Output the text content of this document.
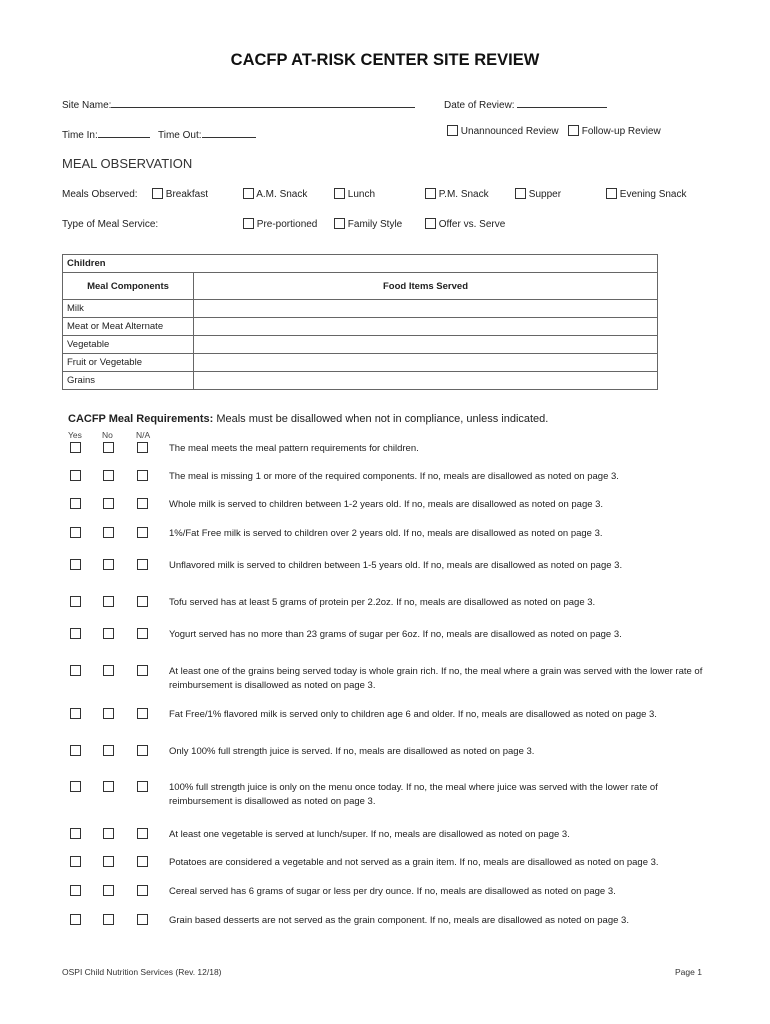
CACFP AT-RISK CENTER SITE REVIEW
Site Name:	Date of Review:
Time In:	Time Out:	Unannounced Review	Follow-up Review
MEAL OBSERVATION
Meals Observed:	Breakfast	A.M. Snack	Lunch	P.M. Snack	Supper	Evening Snack
Type of Meal Service:	Pre-portioned	Family Style	Offer vs. Serve
Children	
Meal Components	Food Items Served
Milk	
Meat or Meat Alternate	
Vegetable	
Fruit or Vegetable	
Grains	
CACFP Meal Requirements: Meals must be disallowed when not in compliance, unless indicated.
Yes No	N/A
The meal meets the meal pattern requirements for children.
The meal is missing 1 or more of the required components. If no, meals are disallowed as noted on page 3.
Whole milk is served to children between 1-2 years old. If no, meals are disallowed as noted on page 3.
1%/Fat Free milk is served to children over 2 years old. If no, meals are disallowed as noted on page 3.
Unflavored milk is served to children between 1-5 years old. If no, meals are disallowed as noted on page 3.
Tofu served has at least 5 grams of protein per 2.2oz. If no, meals are disallowed as noted on page 3.
Yogurt served has no more than 23 grams of sugar per 6oz. If no, meals are disallowed as noted on page 3.
At least one of the grains being served today is whole grain rich. If no, the meal where a grain was served with the lower rate of reimbursement is disallowed as noted on page 3.
Fat Free/1% flavored milk is served only to children age 6 and older. If no, meals are disallowed as noted on page 3.
Only 100% full strength juice is served. If no, meals are disallowed as noted on page 3.
100% full strength juice is only on the menu once today. If no, the meal where juice was served with the lower rate of reimbursement is disallowed as noted on page 3.
At least one vegetable is served at lunch/super. If no, meals are disallowed as noted on page 3.
Potatoes are considered a vegetable and not served as a grain item. If no, meals are disallowed as noted on page 3.
Cereal served has 6 grams of sugar or less per dry ounce. If no, meals are disallowed as noted on page 3.
Grain based desserts are not served as the grain component. If no, meals are disallowed as noted on page 3.
OSPI Child Nutrition Services (Rev. 12/18)	Page 1
